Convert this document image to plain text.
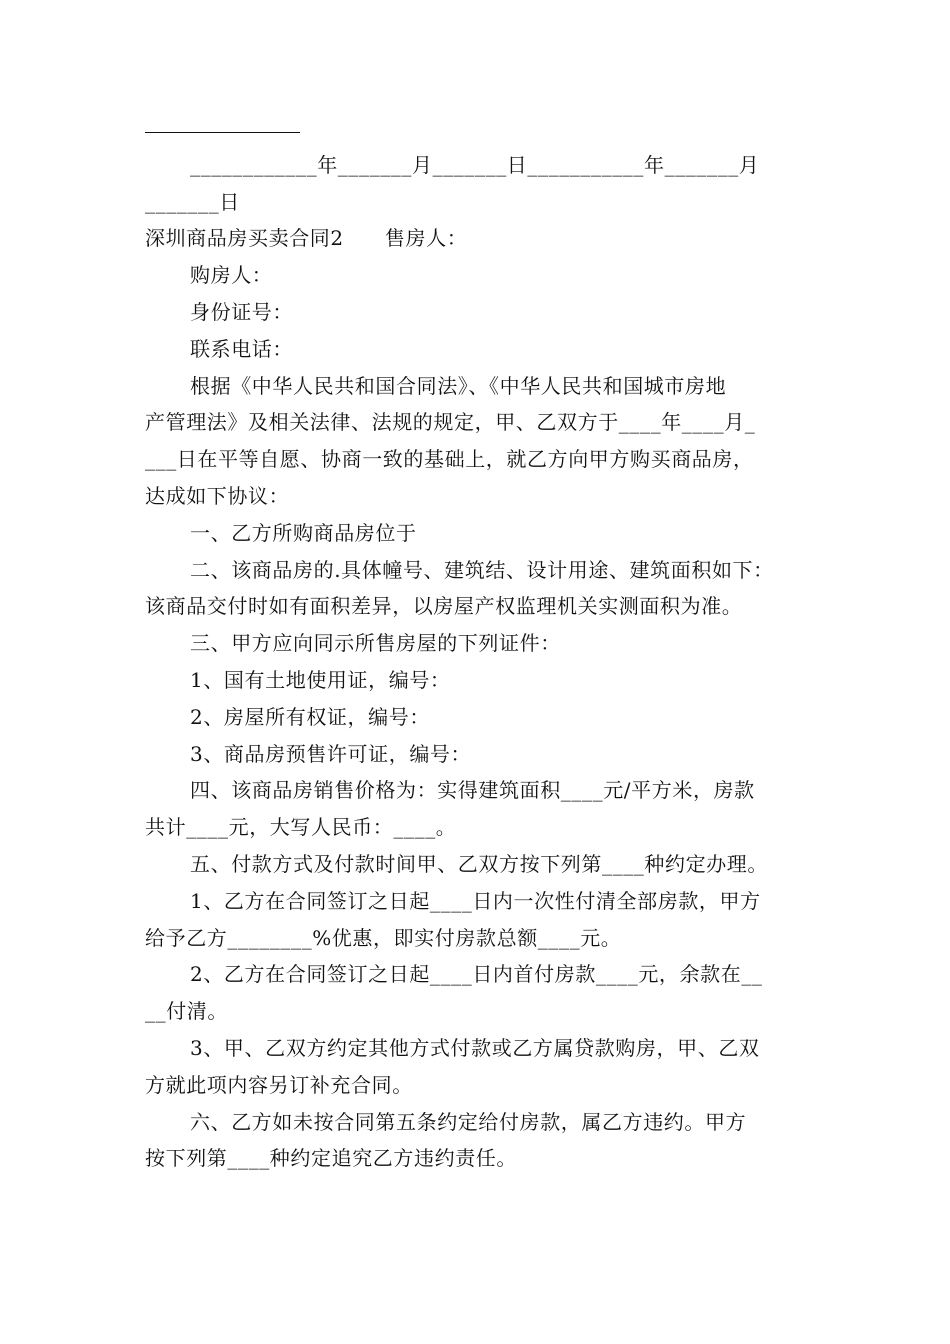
____________年_______月_______日___________年_______月
_______日
深圳商品房买卖合同2　　售房人：
购房人：
身份证号：
联系电话：
根据《中华人民共和国合同法》、《中华人民共和国城市房地
产管理法》及相关法律、法规的规定，甲、乙双方于____年____月_
___日在平等自愿、协商一致的基础上，就乙方向甲方购买商品房，
达成如下协议：
一、乙方所购商品房位于
二、该商品房的.具体幢号、建筑结、设计用途、建筑面积如下：
该商品交付时如有面积差异，以房屋产权监理机关实测面积为准。
三、甲方应向同示所售房屋的下列证件：
1、国有土地使用证，编号：
2、房屋所有权证，编号：
3、商品房预售许可证，编号：
四、该商品房销售价格为：实得建筑面积____元/平方米，房款
共计____元，大写人民币：____。
五、付款方式及付款时间甲、乙双方按下列第____种约定办理。
1、乙方在合同签订之日起____日内一次性付清全部房款，甲方
给予乙方________%优惠，即实付房款总额____元。
2、乙方在合同签订之日起____日内首付房款____元，余款在__
__付清。
3、甲、乙双方约定其他方式付款或乙方属贷款购房，甲、乙双
方就此项内容另订补充合同。
六、乙方如未按合同第五条约定给付房款，属乙方违约。甲方
按下列第____种约定追究乙方违约责任。
